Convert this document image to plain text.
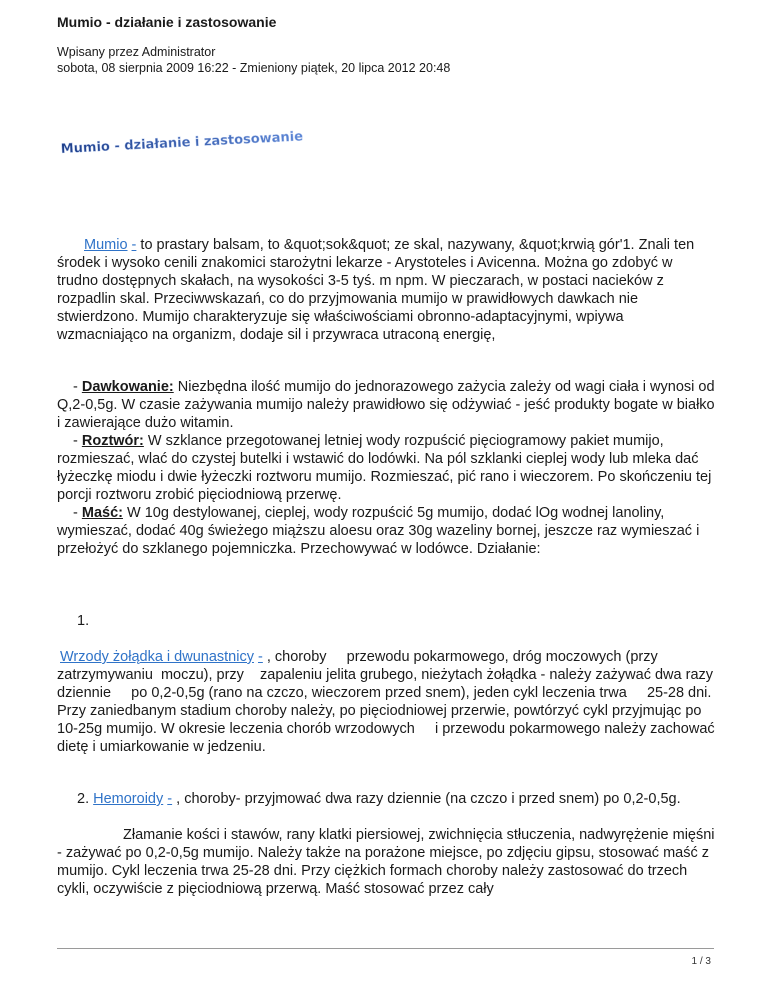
Mumio - działanie i zastosowanie
Wpisany przez Administrator
sobota, 08 sierpnia 2009 16:22 - Zmieniony piątek, 20 lipca 2012 20:48
Mumio - działanie i zastosowanie
Mumio - to prastary balsam, to &quot;sok&quot; ze skal, nazywany, &quot;krwią gór'1. Znali ten środek i wysoko cenili znakomici starożytni lekarze - Arystoteles i Avicenna. Można go zdobyć w trudno dostępnych skałach, na wysokości 3-5 tyś. m npm. W pieczarach, w postaci nacieków z rozpadlin skal. Przeciwwskazań, co do przyjmowania mumijo w prawidłowych dawkach nie stwierdzono. Mumijo charakteryzuje się właściwościami obronno-adaptacyjnymi, wpiywa wzmacniająco na organizm, dodaje sil i przywraca utraconą energię,
- Dawkowanie: Niezbędna ilość mumijo do jednorazowego zażycia zależy od wagi ciała i wynosi od Q,2-0,5g. W czasie zażywania mumijo należy prawidłowo się odżywiać - jeść produkty bogate w białko i zawierające dużo witamin.
- Roztwór: W szklance przegotowanej letniej wody rozpuścić pięciogramowy pakiet mumijo, rozmieszać, wlać do czystej butelki i wstawić do lodówki. Na pól szklanki cieplej wody lub mleka dać łyżeczkę miodu i dwie łyżeczki roztworu mumijo. Rozmieszać, pić rano i wieczorem. Po skończeniu tej porcji roztworu zrobić pięciodniową przerwę.
- Maść: W 10g destylowanej, cieplej, wody rozpuścić 5g mumijo, dodać lOg wodnej lanoliny, wymieszać, dodać 40g świeżego miąższu aloesu oraz 30g wazeliny bornej, jeszcze raz wymieszać i przełożyć do szklanego pojemniczka. Przechowywać w lodówce. Działanie:
1.
Wrzody żołądka i dwunastnicy - , choroby     przewodu pokarmowego, dróg moczowych (przy zatrzymywaniu  moczu), przy    zapaleniu jelita grubego, nieżytach żołądka - należy zażywać dwa razy dziennie     po 0,2-0,5g (rano na czczo, wieczorem przed snem), jeden cykl leczenia trwa     25-28 dni. Przy zaniedbanym stadium choroby należy, po pięciodniowej przerwie, powtórzyć cykl przyjmując po 10-25g mumijo. W okresie leczenia chorób wrzodowych     i przewodu pokarmowego należy zachować dietę i umiarkowanie w jedzeniu.
2. Hemoroidy - , choroby- przyjmować dwa razy dziennie (na czczo i przed snem) po 0,2-0,5g.
Złamanie kości i stawów, rany klatki piersiowej, zwichnięcia stłuczenia, nadwyrężenie mięśni - zażywać po 0,2-0,5g mumijo. Należy także na porażone miejsce, po zdjęciu gipsu, stosować maść z mumijo. Cykl leczenia trwa 25-28 dni. Przy ciężkich formach choroby należy zastosować do trzech cykli, oczywiście z pięciodniową przerwą. Maść stosować przez cały
1 / 3
